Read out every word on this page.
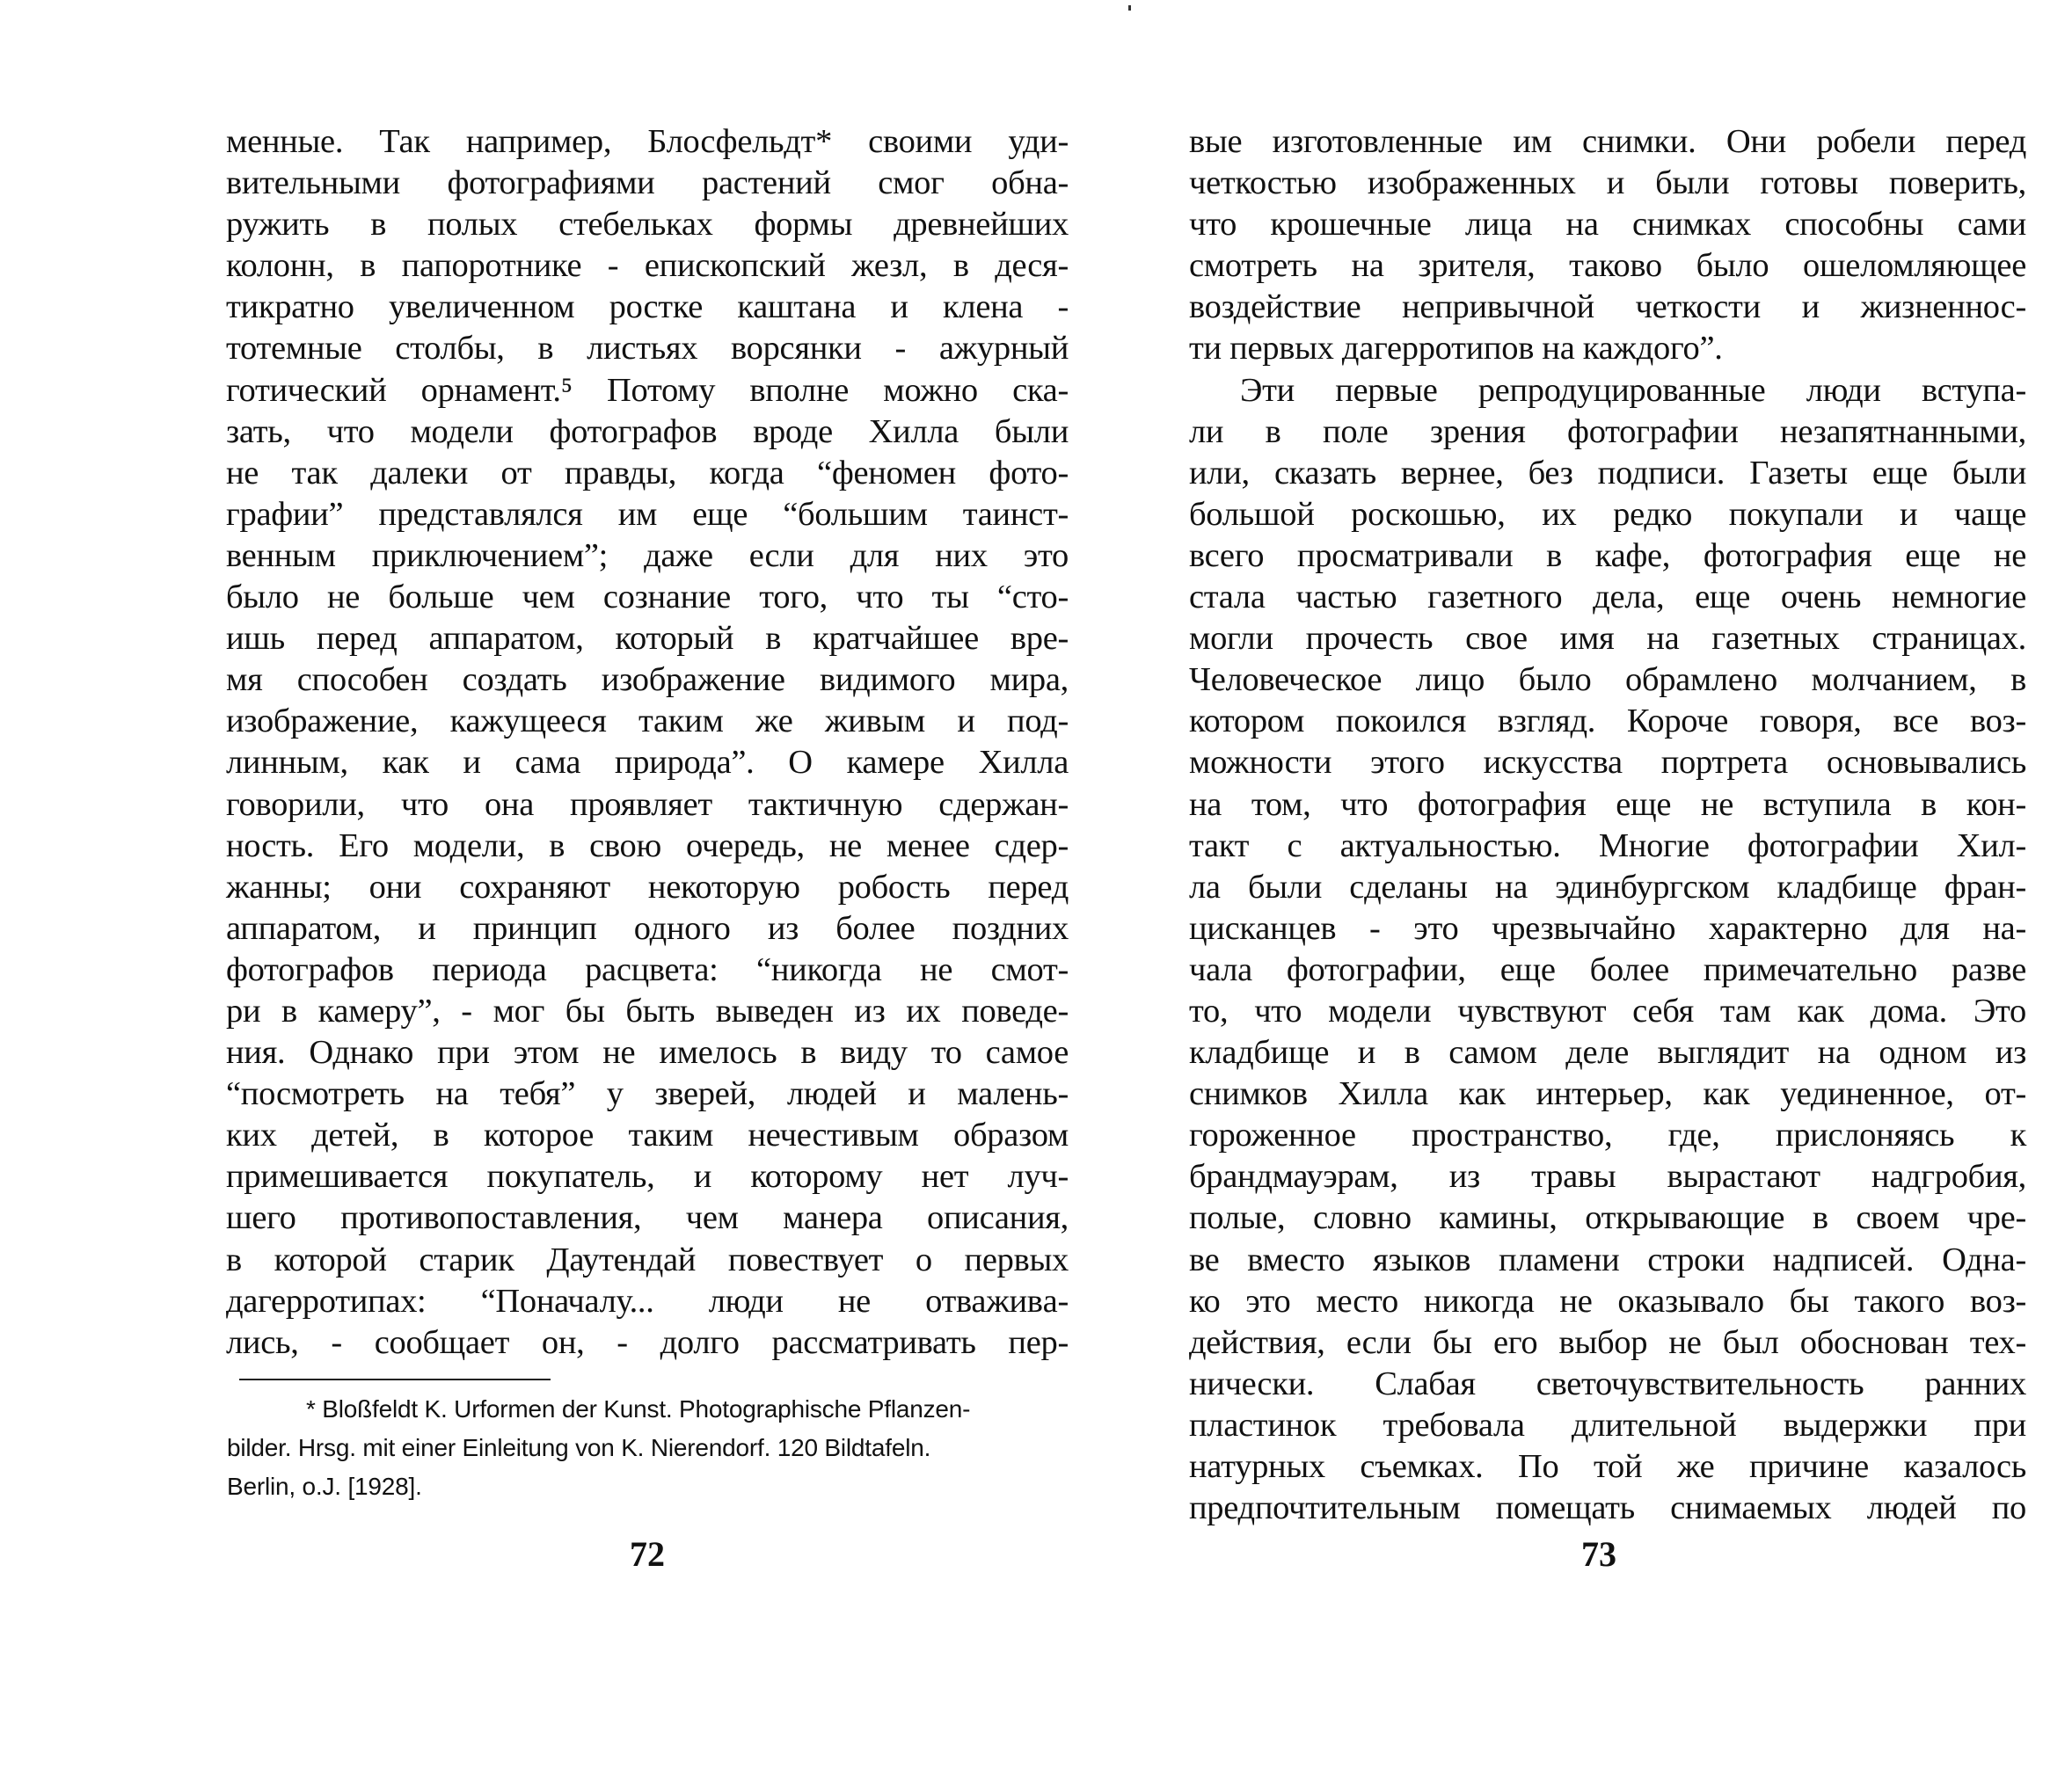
менные. Так например, Блосфельдт* своими уди-
вительными фотографиями растений смог обна-
ружить в полых стебельках формы древнейших
колонн, в папоротнике - епископский жезл, в деся-
тикратно увеличенном ростке каштана и клена -
тотемные столбы, в листьях ворсянки - ажурный
готический орнамент.⁵ Потому вполне можно ска-
зать, что модели фотографов вроде Хилла были
не так далеки от правды, когда “феномен фото-
графии” представлялся им еще “большим таинст-
венным приключением”; даже если для них это
было не больше чем сознание того, что ты “сто-
ишь перед аппаратом, который в кратчайшее вре-
мя способен создать изображение видимого мира,
изображение, кажущееся таким же живым и под-
линным, как и сама природа”. О камере Хилла
говорили, что она проявляет тактичную сдержан-
ность. Его модели, в свою очередь, не менее сдер-
жанны; они сохраняют некоторую робость перед
аппаратом, и принцип одного из более поздних
фотографов периода расцвета: “никогда не смот-
ри в камеру”, - мог бы быть выведен из их поведе-
ния. Однако при этом не имелось в виду то самое
“посмотреть на тебя” у зверей, людей и малень-
ких детей, в которое таким нечестивым образом
примешивается покупатель, и которому нет луч-
шего противопоставления, чем манера описания,
в которой старик Даутендай повествует о первых
дагерротипах: “Поначалу... люди не отваживa-
лись, - сообщает он, - долго рассматривать пер-
* Bloßfeldt K. Urformen der Kunst. Photographische Pflanzen-
bilder. Hrsg. mit einer Einleitung von K. Nierendorf. 120 Bildtafeln.
Berlin, o.J. [1928].
72
вые изготовленные им снимки. Они робели перед
четкостью изображенных и были готовы поверить,
что крошечные лица на снимках способны сами
смотреть на зрителя, таково было ошеломляющее
воздействие непривычной четкости и жизненнос-
ти первых дагерротипов на каждого”.
Эти первые репродуцированные люди вступа-
ли в поле зрения фотографии незапятнанными,
или, сказать вернее, без подписи. Газеты еще были
большой роскошью, их редко покупали и чаще
всего просматривали в кафе, фотография еще не
стала частью газетного дела, еще очень немногие
могли прочесть свое имя на газетных страницах.
Человеческое лицо было обрамлено молчанием, в
котором покоился взгляд. Короче говоря, все воз-
можности этого искусства портрета основывались
на том, что фотография еще не вступила в кон-
такт с актуальностью. Многие фотографии Хил-
ла были сделаны на эдинбургском кладбище фран-
цисканцев - это чрезвычайно характерно для на-
чала фотографии, еще более примечательно разве
то, что модели чувствуют себя там как дома. Это
кладбище и в самом деле выглядит на одном из
снимков Хилла как интерьер, как уединенное, от-
гороженное пространство, где, прислоняясь к
брандмауэрам, из травы вырастают надгробия,
полые, словно камины, открывающие в своем чре-
ве вместо языков пламени строки надписей. Одна-
ко это место никогда не оказывало бы такого воз-
действия, если бы его выбор не был обоснован тех-
нически. Слабая светочувствительность ранних
пластинок требовала длительной выдержки при
натурных съемках. По той же причине казалось
предпочтительным помещать снимаемых людей по
73
